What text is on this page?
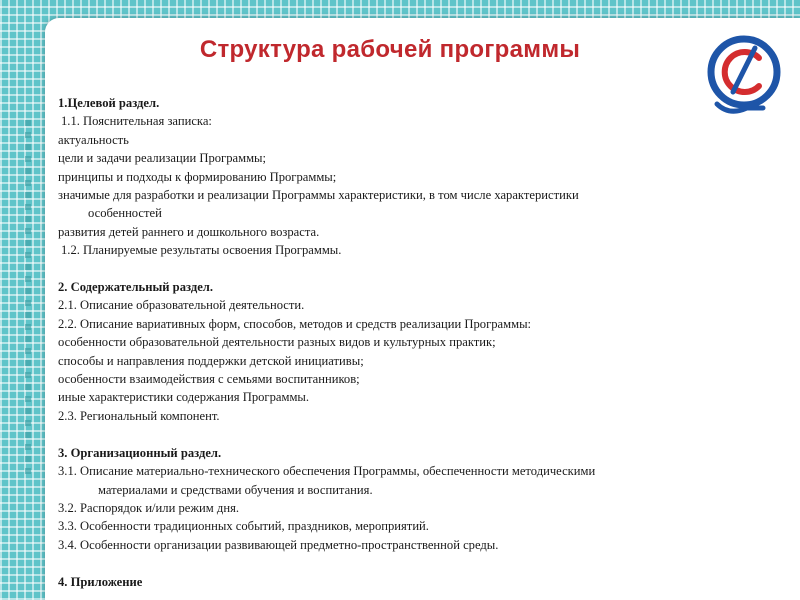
Структура рабочей программы
1.Целевой раздел.
1.1. Пояснительная записка:
актуальность
цели и задачи реализации Программы;
принципы и подходы к формированию Программы;
значимые для разработки и реализации Программы характеристики, в том числе характеристики
особенностей
развития детей раннего и дошкольного возраста.
1.2. Планируемые результаты освоения Программы.
2. Содержательный раздел.
2.1. Описание образовательной деятельности.
2.2. Описание вариативных форм, способов, методов и средств реализации Программы:
особенности образовательной деятельности разных видов и культурных практик;
способы и направления поддержки детской инициативы;
особенности взаимодействия с семьями воспитанников;
иные характеристики содержания Программы.
2.3. Региональный компонент.
3. Организационный раздел.
3.1. Описание материально-технического обеспечения Программы, обеспеченности методическими
материалами и средствами обучения и воспитания.
3.2. Распорядок и/или режим дня.
3.3. Особенности традиционных событий, праздников, мероприятий.
3.4. Особенности организации развивающей предметно-пространственной среды.
4. Приложение
